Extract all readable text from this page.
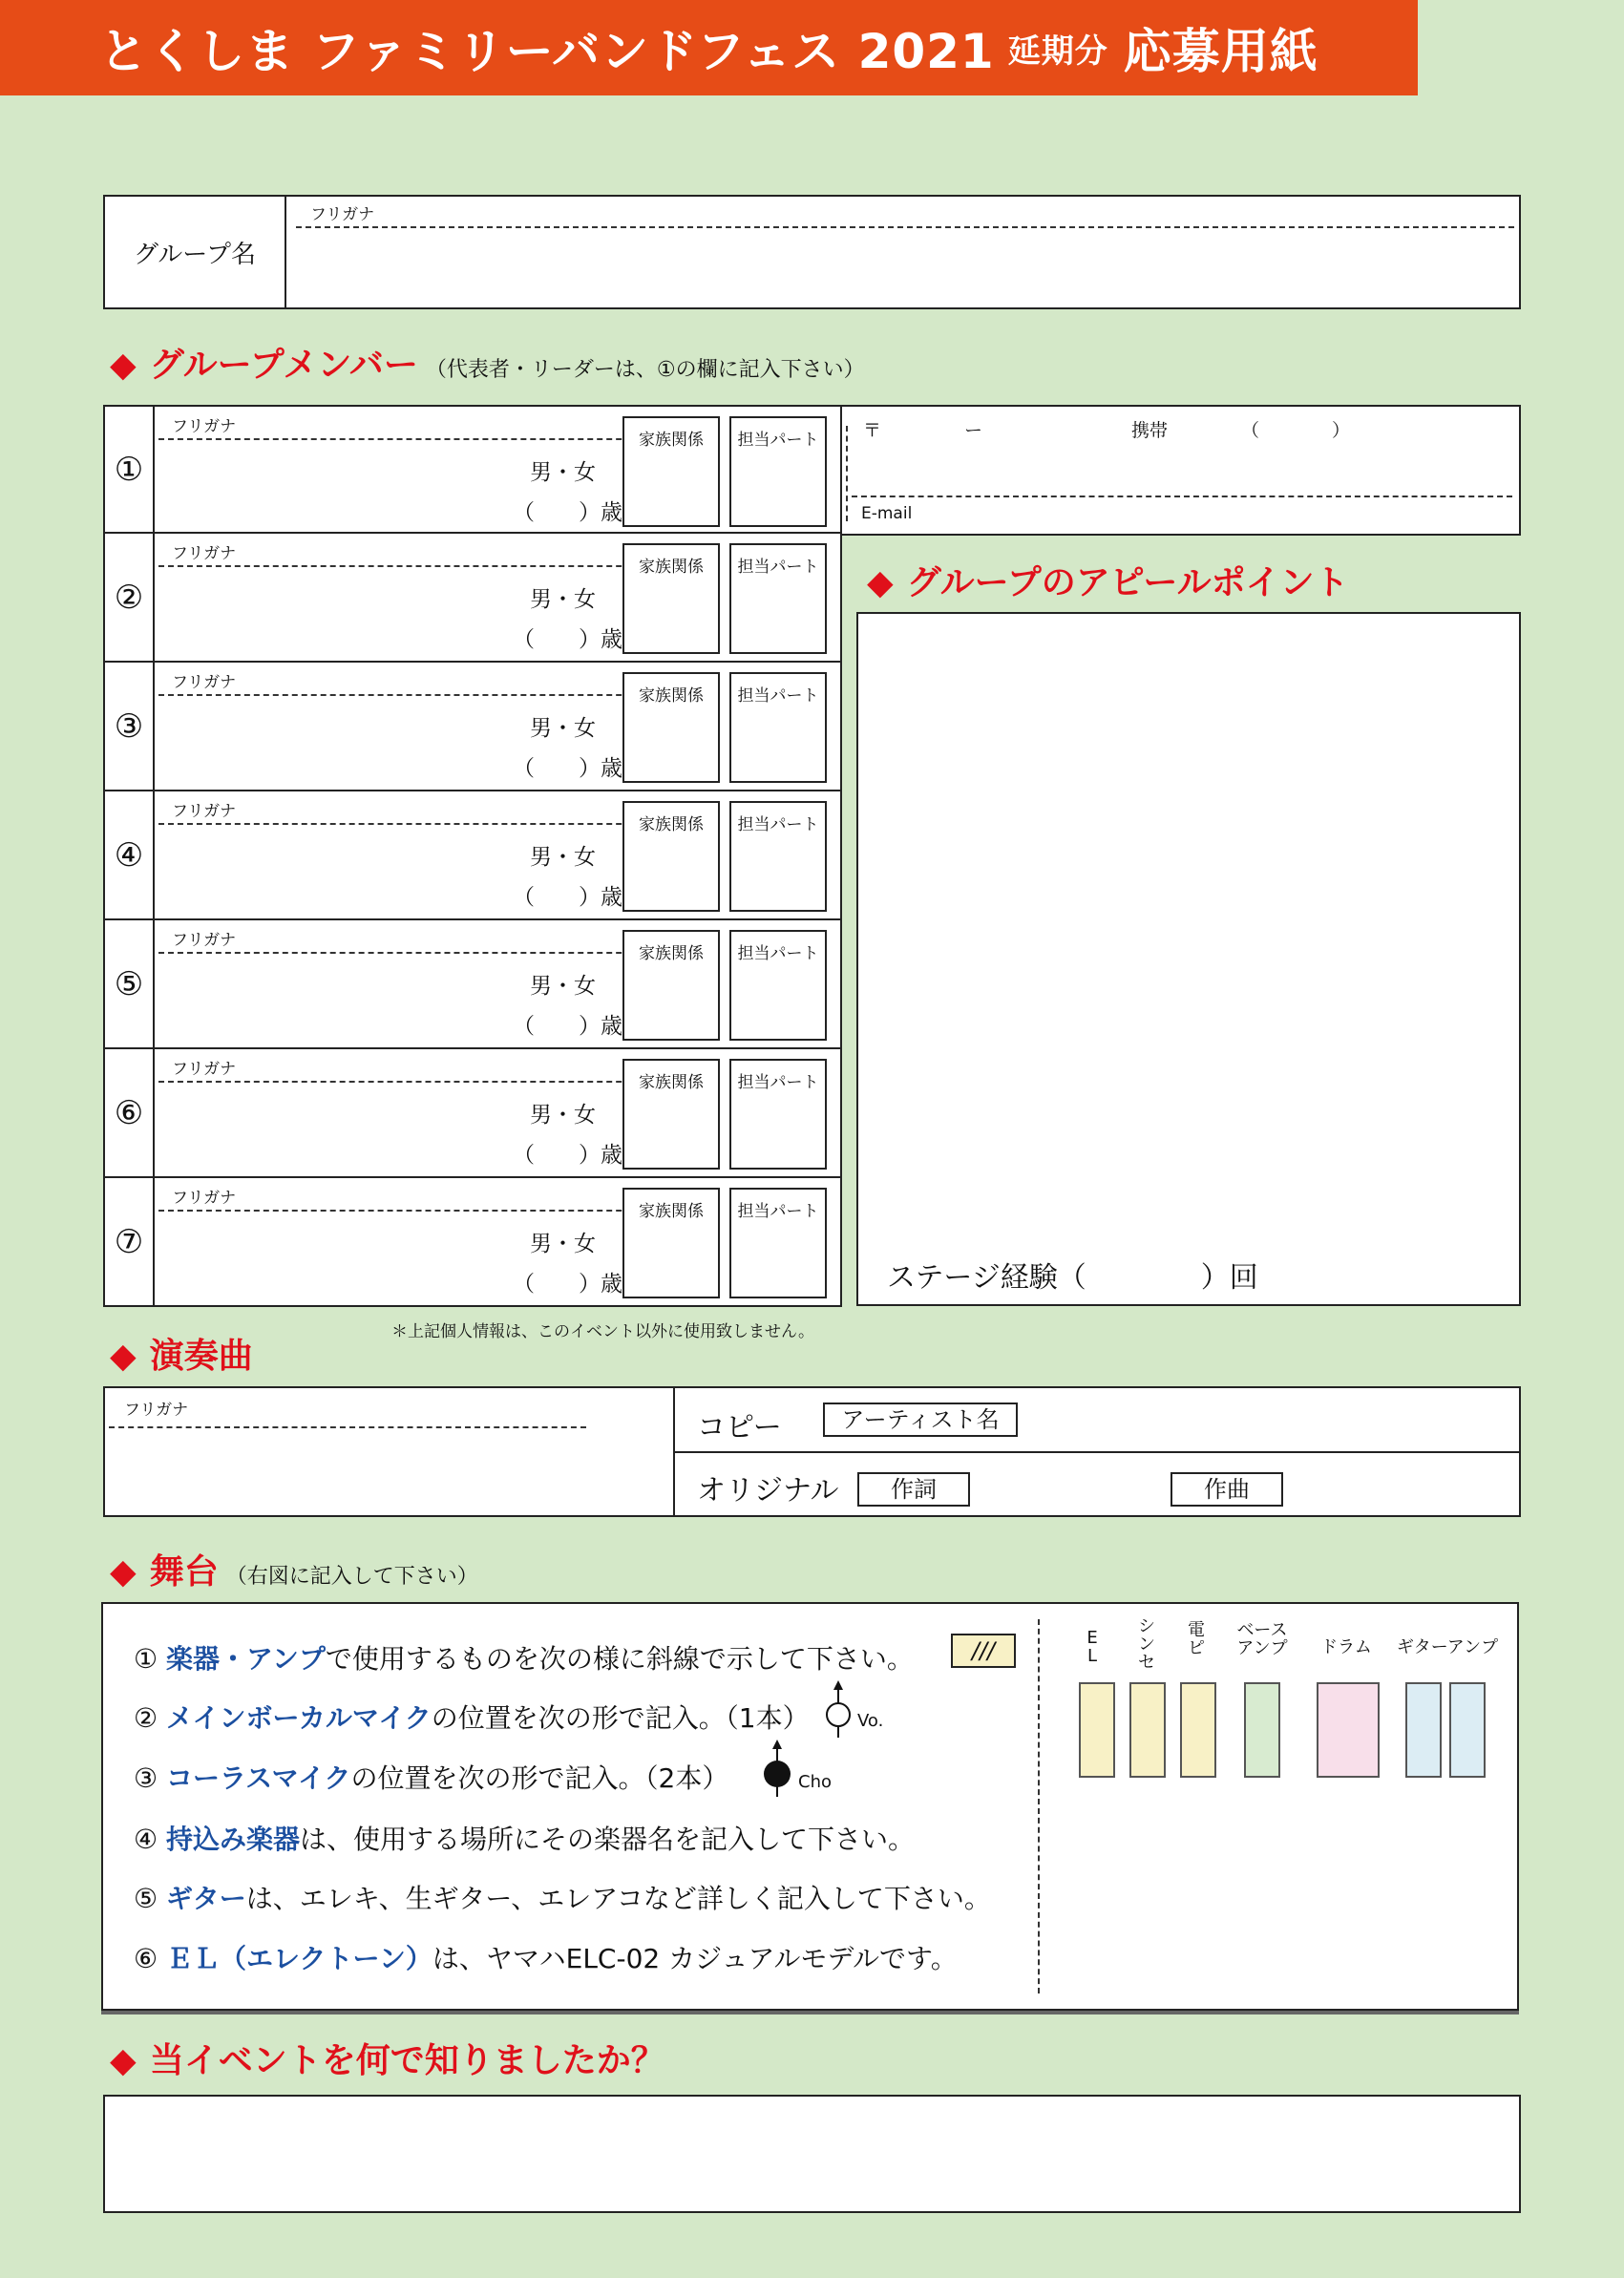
とくしま ファミリーバンドフェス 2021 延期分 応募用紙
グループ名
フリガナ
◆ グループメンバー （代表者・リーダーは、①の欄に記入下さい）
①
フリガナ
男・女
（　　）歳
家族関係	担当パート
②
フリガナ
男・女
（　　）歳
家族関係	担当パート
③
フリガナ
男・女
（　　）歳
家族関係	担当パート
④
フリガナ
男・女
（　　）歳
家族関係	担当パート
⑤
フリガナ
男・女
（　　）歳
家族関係	担当パート
⑥
フリガナ
男・女
（　　）歳
家族関係	担当パート
⑦
フリガナ
男・女
（　　）歳
家族関係	担当パート
〒	ー	携帯	（　　　　）
E-mail
◆ グループのアピールポイント
ステージ経験（　　　　）回
◆ 演奏曲
＊上記個人情報は、このイベント以外に使用致しません。
フリガナ
コピー	アーティスト名
オリジナル	作詞	作曲
◆ 舞台 （右図に記入して下さい）
① 楽器・アンプで使用するものを次の様に斜線で示して下さい。	///
② メインボーカルマイクの位置を次の形で記入。（1本）	Vo.
③ コーラスマイクの位置を次の形で記入。（2本）	Cho
④ 持込み楽器は、使用する場所にその楽器名を記入して下さい。
⑤ ギターは、エレキ、生ギター、エレアコなど詳しく記入して下さい。
⑥ ＥＬ（エレクトーン）は、ヤマハELC-02 カジュアルモデルです。
E
L
シ
ン
セ
電
ピ
ベース
アンプ ドラム ギターアンプ
◆ 当イベントを何で知りましたか？
